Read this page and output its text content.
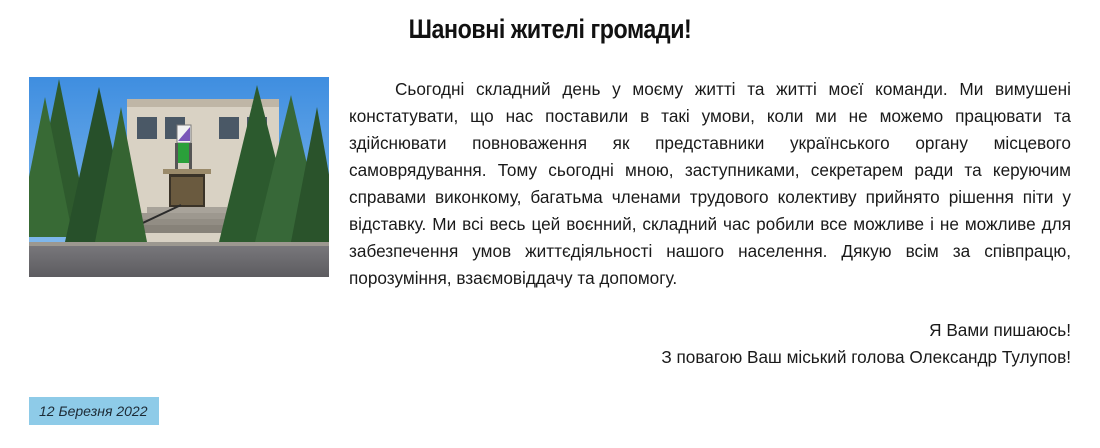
Шановні жителі громади!

Сьогодні складний день у моєму житті та житті моєї команди. Ми вимушені констатувати, що нас поставили в такі умови, коли ми не можемо працювати та здійснювати повноваження як представники українського органу місцевого самоврядування. Тому сьогодні мною, заступниками, секретарем ради та керуючим справами виконкому, багатьма членами трудового колективу прийнято рішення піти у відставку. Ми всі весь цей воєнний, складний час робили все можливе і не можливе для забезпечення умов життєдіяльності нашого населення. Дякую всім за співпрацю, порозуміння, взаємовіддачу та допомогу.

Я Вами пишаюсь!
З повагою Ваш міський голова Олександр Тулупов!
12 Березня 2022
